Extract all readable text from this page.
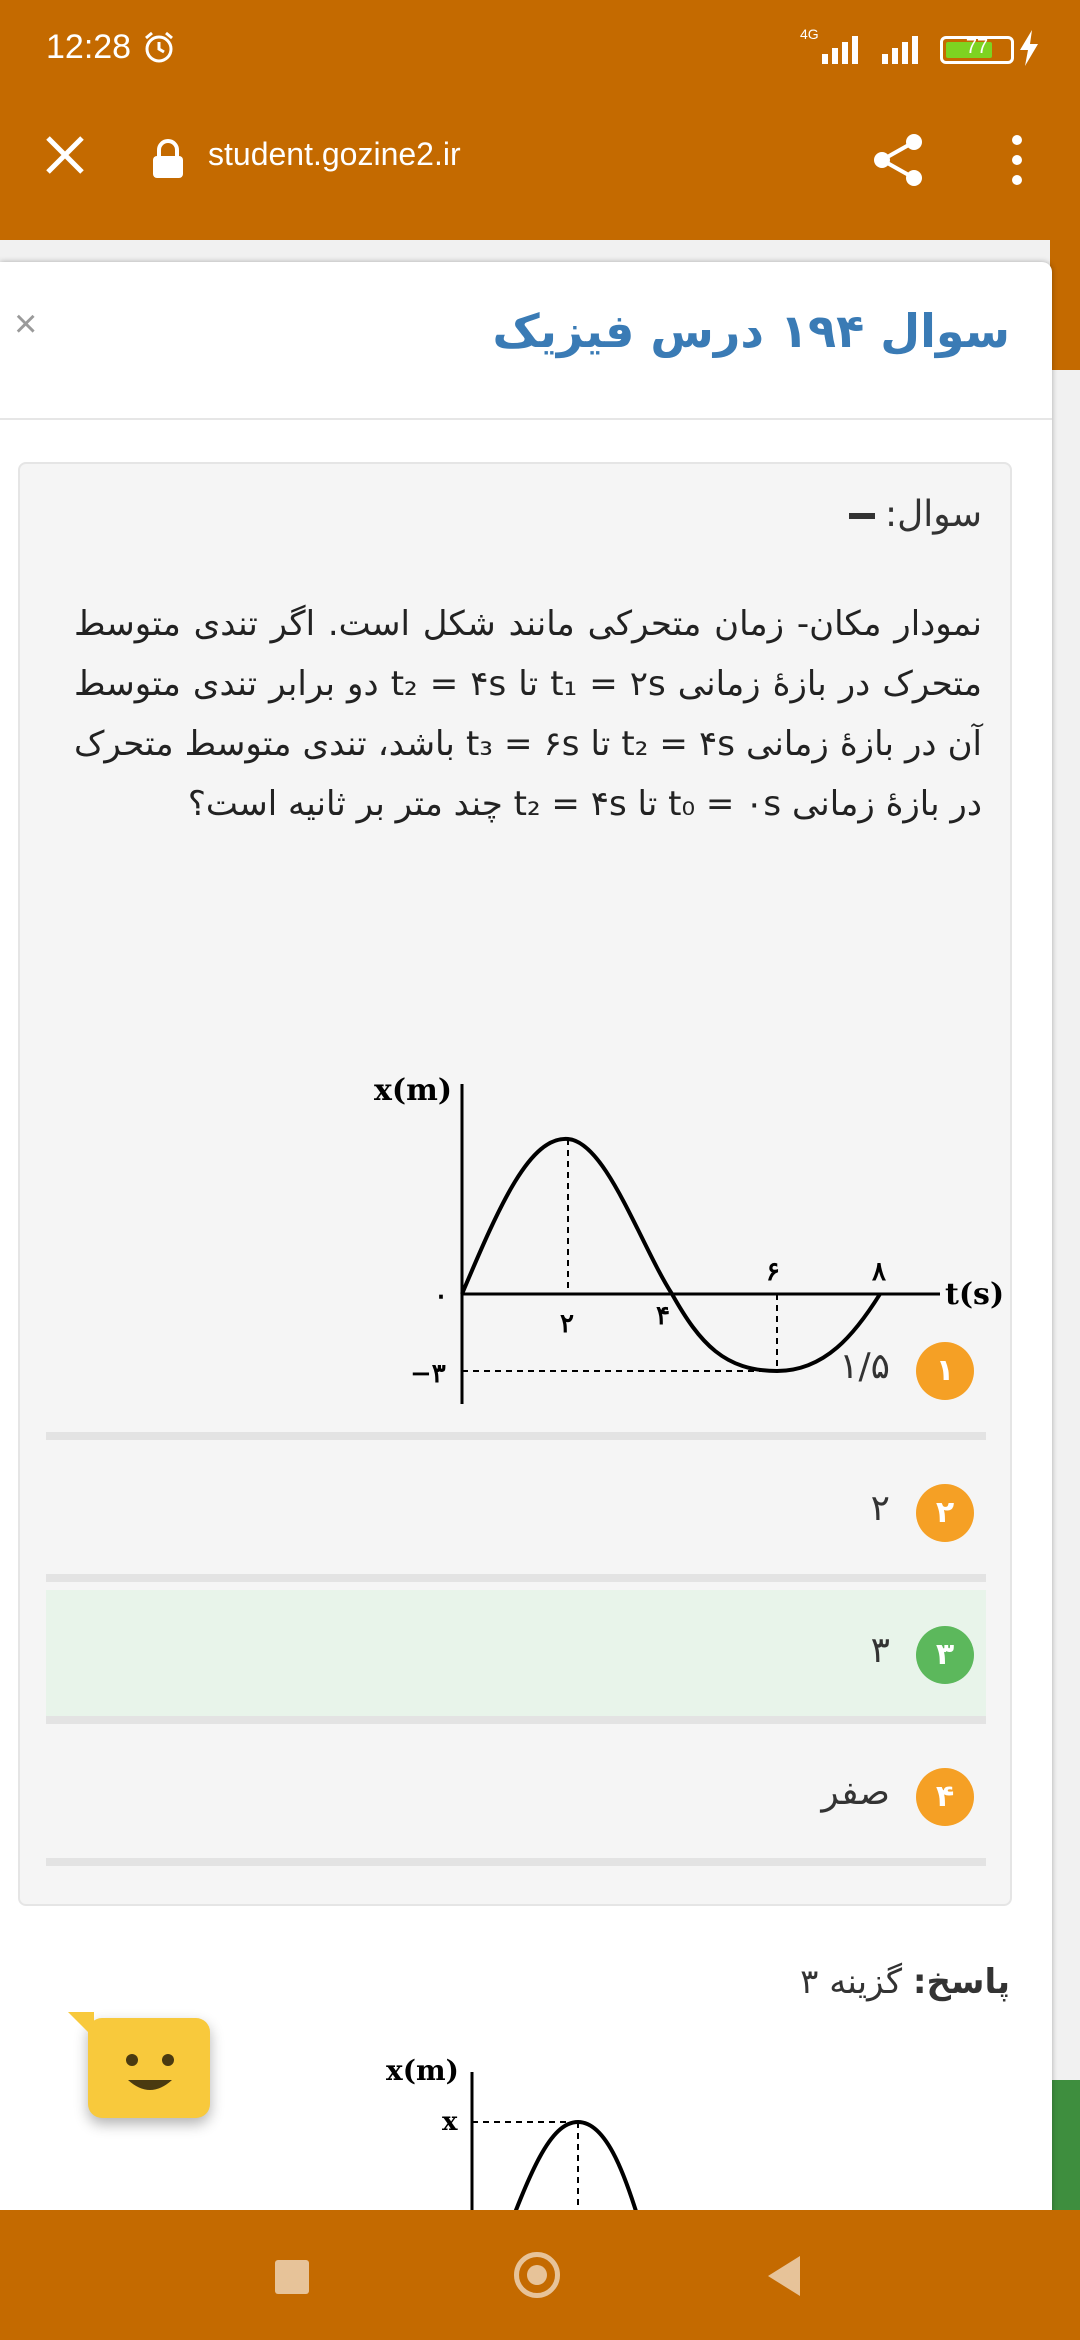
12:28	4G
77
student.gozine2.ir
×	سوال ۱۹۴ درس فیزیک
سوال:
نمودار مکان- زمان متحرکی مانند شکل است. اگر تندی متوسط متحرک در بازهٔ زمانی t₁ = ۲s تا t₂ = ۴s دو برابر تندی متوسط آن در بازهٔ زمانی t₂ = ۴s تا t₃ = ۶s باشد، تندی متوسط متحرک در بازهٔ زمانی t₀ = ۰s تا t₂ = ۴s چند متر بر ثانیه است؟
x(m)
t(s)
۰
۲	۴
۶	۸
−۳	۱
۱/۵
۲
۲
۳
۳
۴
صفر
پاسخ: گزینه ۳
x(m)
x
